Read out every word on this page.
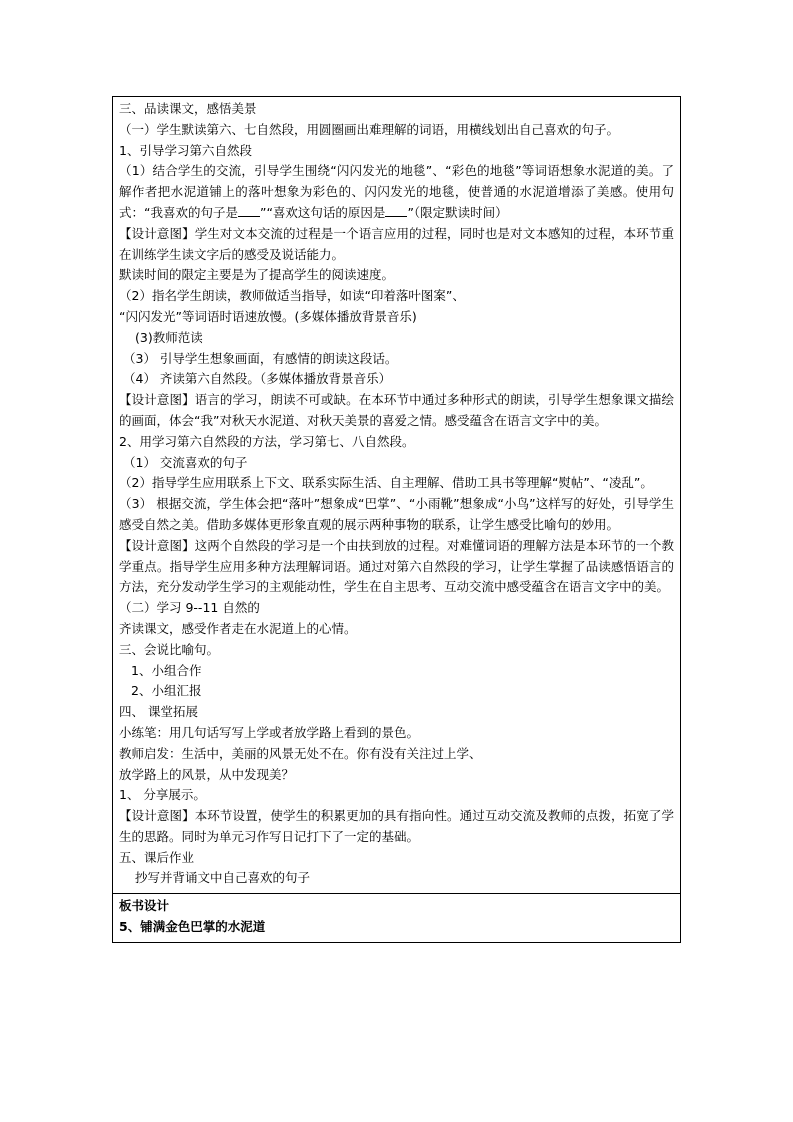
三、品读课文，感悟美景
（一）学生默读第六、七自然段，用圆圈画出难理解的词语，用横线划出自己喜欢的句子。
1、引导学习第六自然段
（1）结合学生的交流，引导学生围绕“闪闪发光的地毯”、“彩色的地毯”等词语想象水泥道的美。了解作者把水泥道铺上的落叶想象为彩色的、闪闪发光的地毯，使普通的水泥道增添了美感。使用句式：“我喜欢的句子是 ”“喜欢这句话的原因是 ”（限定默读时间）
【设计意图】学生对文本交流的过程是一个语言应用的过程，同时也是对文本感知的过程，本环节重在训练学生读文字后的感受及说话能力。
默读时间的限定主要是为了提高学生的阅读速度。
（2）指名学生朗读，教师做适当指导，如读“印着落叶图案”、
“闪闪发光”等词语时语速放慢。(多媒体播放背景音乐)
(3)教师范读
（3） 引导学生想象画面，有感情的朗读这段话。
（4） 齐读第六自然段。（多媒体播放背景音乐）
【设计意图】语言的学习，朗读不可或缺。在本环节中通过多种形式的朗读，引导学生想象课文描绘的画面，体会“我”对秋天水泥道、对秋天美景的喜爱之情。感受蕴含在语言文字中的美。
2、用学习第六自然段的方法，学习第七、八自然段。
（1） 交流喜欢的句子
（2）指导学生应用联系上下文、联系实际生活、自主理解、借助工具书等理解“熨帖”、“凌乱”。
（3） 根据交流，学生体会把“落叶”想象成“巴掌”、“小雨靴”想象成“小鸟”这样写的好处，引导学生感受自然之美。借助多媒体更形象直观的展示两种事物的联系，让学生感受比喻句的妙用。
【设计意图】这两个自然段的学习是一个由扶到放的过程。对难懂词语的理解方法是本环节的一个教学重点。指导学生应用多种方法理解词语。通过对第六自然段的学习，让学生掌握了品读感悟语言的方法，充分发动学生学习的主观能动性，学生在自主思考、互动交流中感受蕴含在语言文字中的美。
（二）学习 9--11 自然的
齐读课文，感受作者走在水泥道上的心情。
三、会说比喻句。
1、小组合作
2、小组汇报
四、 课堂拓展
小练笔：用几句话写写上学或者放学路上看到的景色。
教师启发：生活中，美丽的风景无处不在。你有没有关注过上学、
放学路上的风景，从中发现美？
1、 分享展示。
【设计意图】本环节设置，使学生的积累更加的具有指向性。通过互动交流及教师的点拨，拓宽了学生的思路。同时为单元习作写日记打下了一定的基础。
五、课后作业
抄写并背诵文中自己喜欢的句子
板书设计
5、铺满金色巴掌的水泥道
